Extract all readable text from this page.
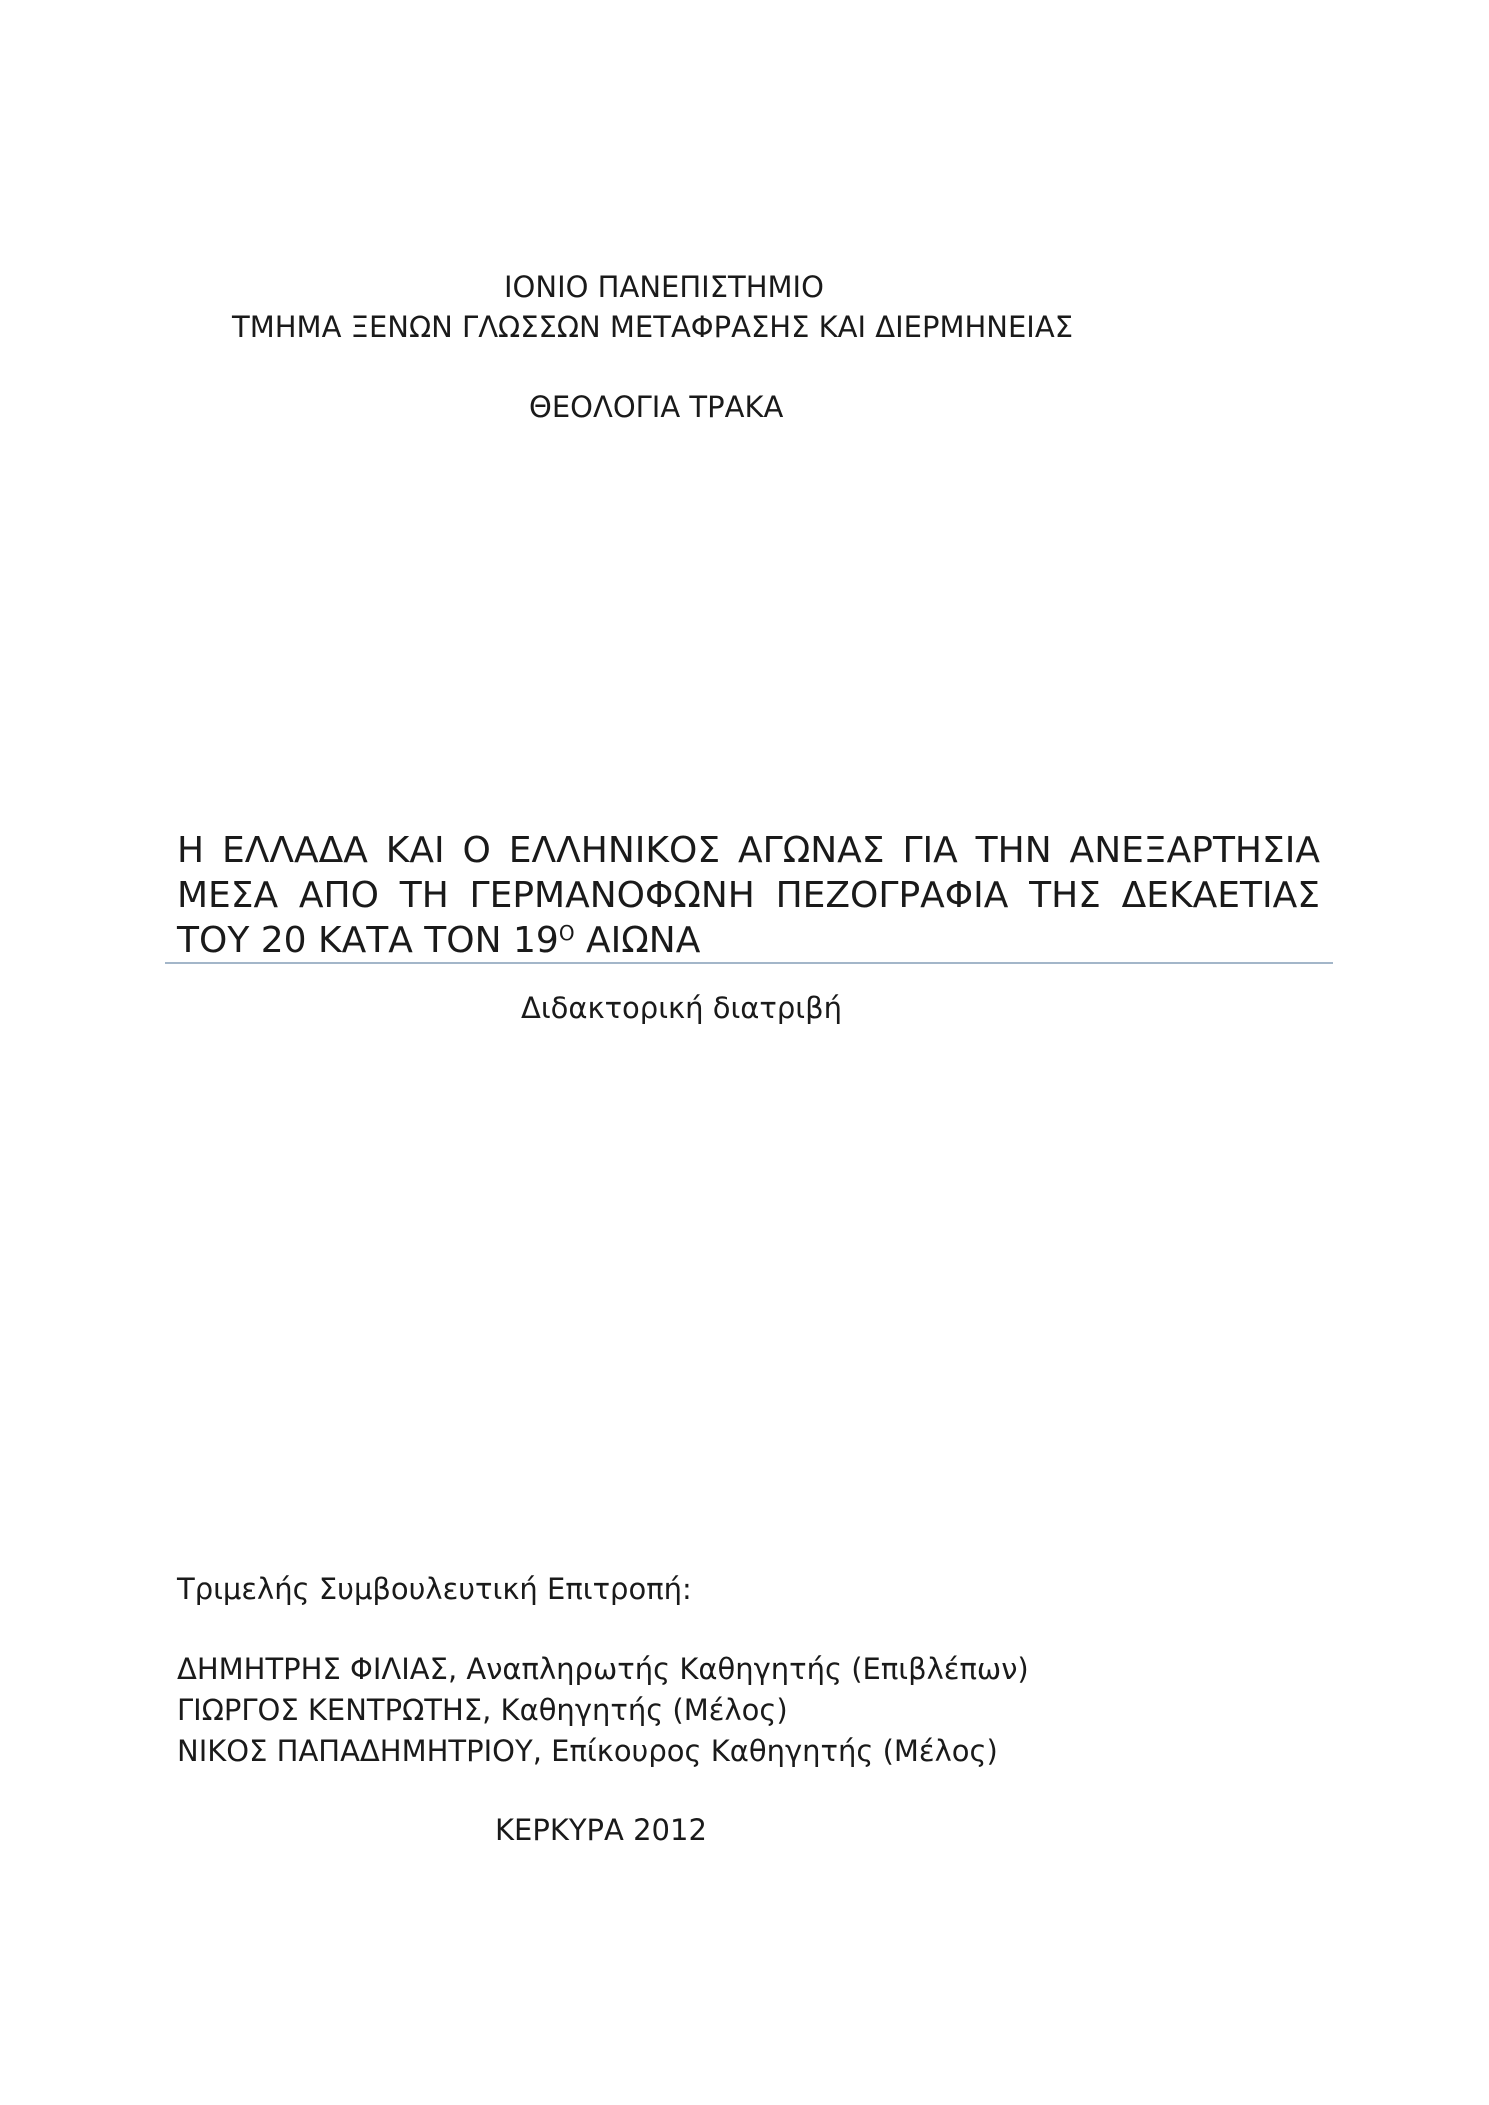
ΙΟΝΙΟ ΠΑΝΕΠΙΣΤΗΜΙΟ
ΤΜΗΜΑ ΞΕΝΩΝ ΓΛΩΣΣΩΝ ΜΕΤΑΦΡΑΣΗΣ ΚΑΙ ΔΙΕΡΜΗΝΕΙΑΣ
ΘΕΟΛΟΓΙΑ ΤΡΑΚΑ
Η ΕΛΛΑΔΑ ΚΑΙ Ο ΕΛΛΗΝΙΚΟΣ ΑΓΩΝΑΣ ΓΙΑ ΤΗΝ ΑΝΕΞΑΡΤΗΣΙΑ
ΜΕΣΑ ΑΠΟ ΤΗ ΓΕΡΜΑΝΟΦΩΝΗ ΠΕΖΟΓΡΑΦΙΑ ΤΗΣ ΔΕΚΑΕΤΙΑΣ
ΤΟΥ 20 ΚΑΤΑ ΤΟΝ $19^O$ ΑΙΩΝΑ
Διδακτορική διατριβή
Τριμελής Συμβουλευτική Επιτροπή:
ΔΗΜΗΤΡΗΣ ΦΙΛΙΑΣ, Αναπληρωτής Καθηγητής (Επιβλέπων)
ΓΙΩΡΓΟΣ ΚΕΝΤΡΩΤΗΣ, Καθηγητής (Μέλος)
ΝΙΚΟΣ ΠΑΠΑΔΗΜΗΤΡΙΟΥ, Επίκουρος Καθηγητής (Μέλος)
ΚΕΡΚΥΡΑ 2012
